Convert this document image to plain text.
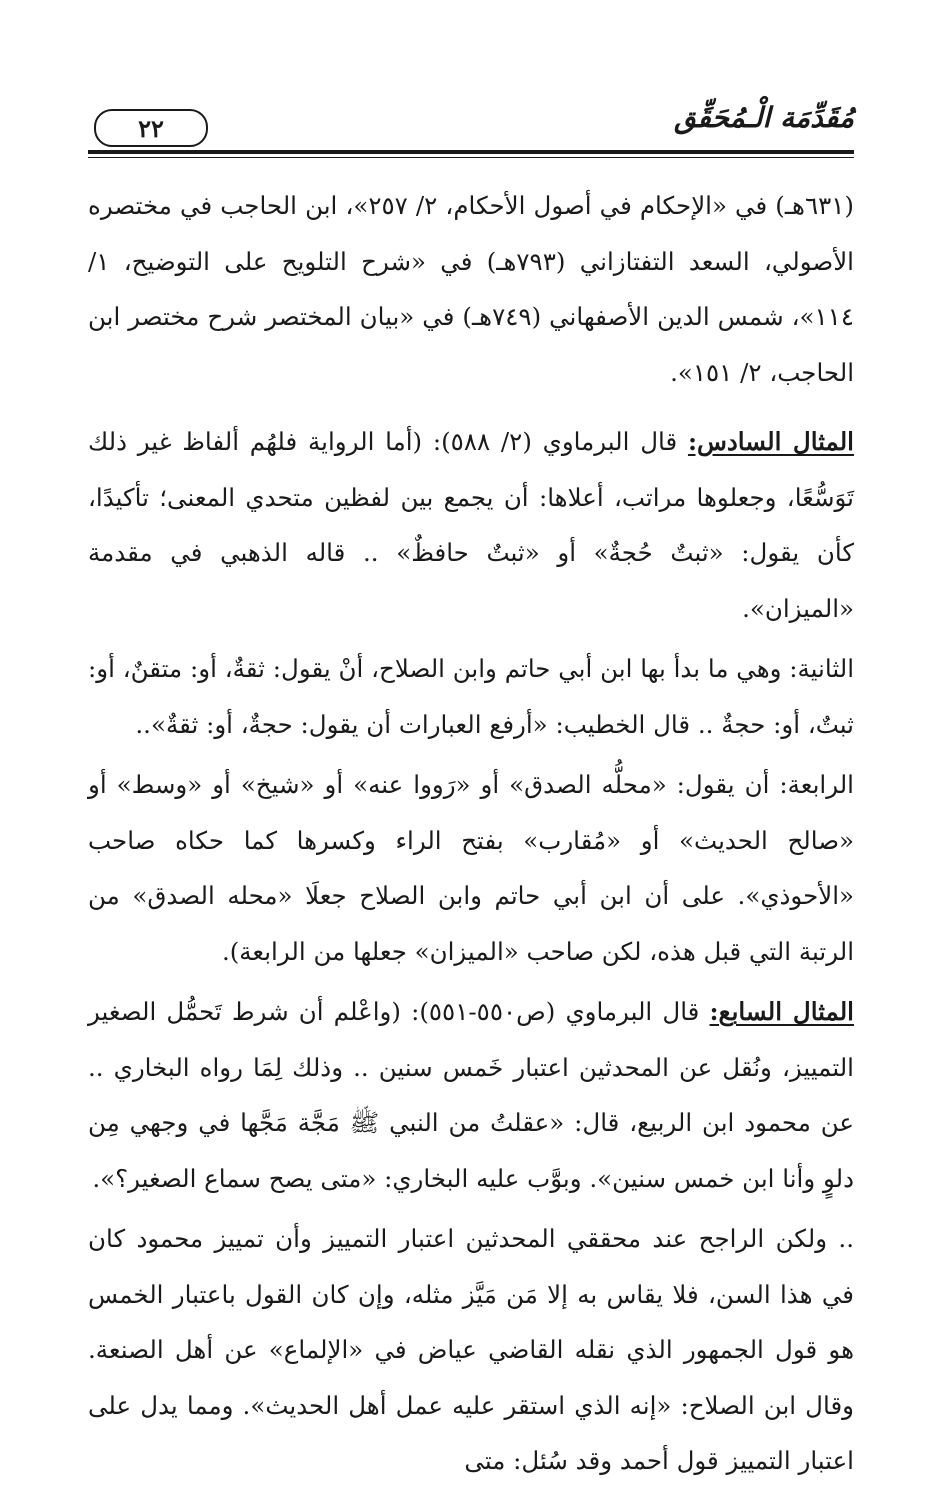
٢٢	مُقَدِّمَة الْـمُحَقِّق

(٦٣١هـ) في «الإحكام في أصول الأحكام، ٢/ ٢٥٧»، ابن الحاجب في مختصره الأصولي، السعد التفتازاني (٧٩٣هـ) في «شرح التلويح على التوضيح، ١/ ١١٤»، شمس الدين الأصفهاني (٧٤٩هـ) في «بيان المختصر شرح مختصر ابن الحاجب، ٢/ ١٥١».

المثال السادس: قال البرماوي (٢/ ٥٨٨): (أما الرواية فلهُم ألفاظ غير ذلك تَوَسُّعًا، وجعلوها مراتب، أعلاها: أن يجمع بين لفظين متحدي المعنى؛ تأكيدًا، كأن يقول: «ثبتٌ حُجةٌ» أو «ثبتٌ حافظٌ» .. قاله الذهبي في مقدمة «الميزان».

الثانية: وهي ما بدأ بها ابن أبي حاتم وابن الصلاح، أنْ يقول: ثقةٌ، أو: متقنٌ، أو: ثبتٌ، أو: حجةٌ .. قال الخطيب: «أرفع العبارات أن يقول: حجةٌ، أو: ثقةٌ»..

الرابعة: أن يقول: «محلُّه الصدق» أو «رَووا عنه» أو «شيخ» أو «وسط» أو «صالح الحديث» أو «مُقارب» بفتح الراء وكسرها كما حكاه صاحب «الأحوذي». على أن ابن أبي حاتم وابن الصلاح جعلَا «محله الصدق» من الرتبة التي قبل هذه، لكن صاحب «الميزان» جعلها من الرابعة).

المثال السابع: قال البرماوي (ص٥٥٠-٥٥١): (واعْلم أن شرط تَحمُّل الصغير التمييز، ونُقل عن المحدثين اعتبار خَمس سنين .. وذلك لِمَا رواه البخاري .. عن محمود ابن الربيع، قال: «عقلتُ من النبي ﷺ مَجَّة مَجَّها في وجهي مِن دلوٍ وأنا ابن خمس سنين». وبوَّب عليه البخاري: «متى يصح سماع الصغير؟».

.. ولكن الراجح عند محققي المحدثين اعتبار التمييز وأن تمييز محمود كان في هذا السن، فلا يقاس به إلا مَن مَيَّز مثله، وإن كان القول باعتبار الخمس هو قول الجمهور الذي نقله القاضي عياض في «الإلماع» عن أهل الصنعة. وقال ابن الصلاح: «إنه الذي استقر عليه عمل أهل الحديث». ومما يدل على اعتبار التمييز قول أحمد وقد سُئل: متى
